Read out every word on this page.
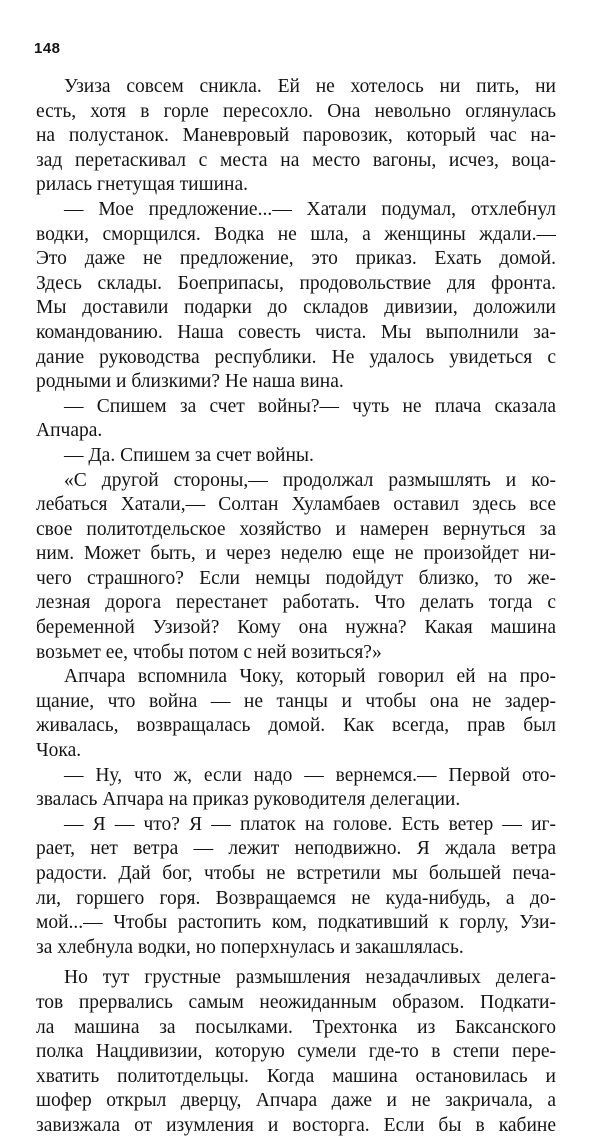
148

Узиза совсем сникла. Ей не хотелось ни пить, ни
есть, хотя в горле пересохло. Она невольно оглянулась
на полустанок. Маневровый паровозик, который час на-
зад перетаскивал с места на место вагоны, исчез, воца-
рилась гнетущая тишина.
— Мое предложение...— Хатали подумал, отхлебнул
водки, сморщился. Водка не шла, а женщины ждали.—
Это даже не предложение, это приказ. Ехать домой.
Здесь склады. Боеприпасы, продовольствие для фронта.
Мы доставили подарки до складов дивизии, доложили
командованию. Наша совесть чиста. Мы выполнили за-
дание руководства республики. Не удалось увидеться с
родными и близкими? Не наша вина.
— Спишем за счет войны?— чуть не плача сказала
Апчара.
— Да. Спишем за счет войны.
«С другой стороны,— продолжал размышлять и ко-
лебаться Хатали,— Солтан Хуламбаев оставил здесь все
свое политотдельское хозяйство и намерен вернуться за
ним. Может быть, и через неделю еще не произойдет ни-
чего страшного? Если немцы подойдут близко, то же-
лезная дорога перестанет работать. Что делать тогда с
беременной Узизой? Кому она нужна? Какая машина
возьмет ее, чтобы потом с ней возиться?»
Апчара вспомнила Чоку, который говорил ей на про-
щание, что война — не танцы и чтобы она не задер-
живалась, возвращалась домой. Как всегда, прав был
Чока.
— Ну, что ж, если надо — вернемся.— Первой ото-
звалась Апчара на приказ руководителя делегации.
— Я — что? Я — платок на голове. Есть ветер — иг-
рает, нет ветра — лежит неподвижно. Я ждала ветра
радости. Дай бог, чтобы не встретили мы большей печа-
ли, горшего горя. Возвращаемся не куда-нибудь, а до-
мой...— Чтобы растопить ком, подкативший к горлу, Узи-
за хлебнула водки, но поперхнулась и закашлялась.
Но тут грустные размышления незадачливых делега-
тов прервались самым неожиданным образом. Подкати-
ла машина за посылками. Трехтонка из Баксанского
полка Нацдивизии, которую сумели где-то в степи пере-
хватить политотдельцы. Когда машина остановилась и
шофер открыл дверцу, Апчара даже и не закричала, а
завизжала от изумления и восторга. Если бы в кабине
